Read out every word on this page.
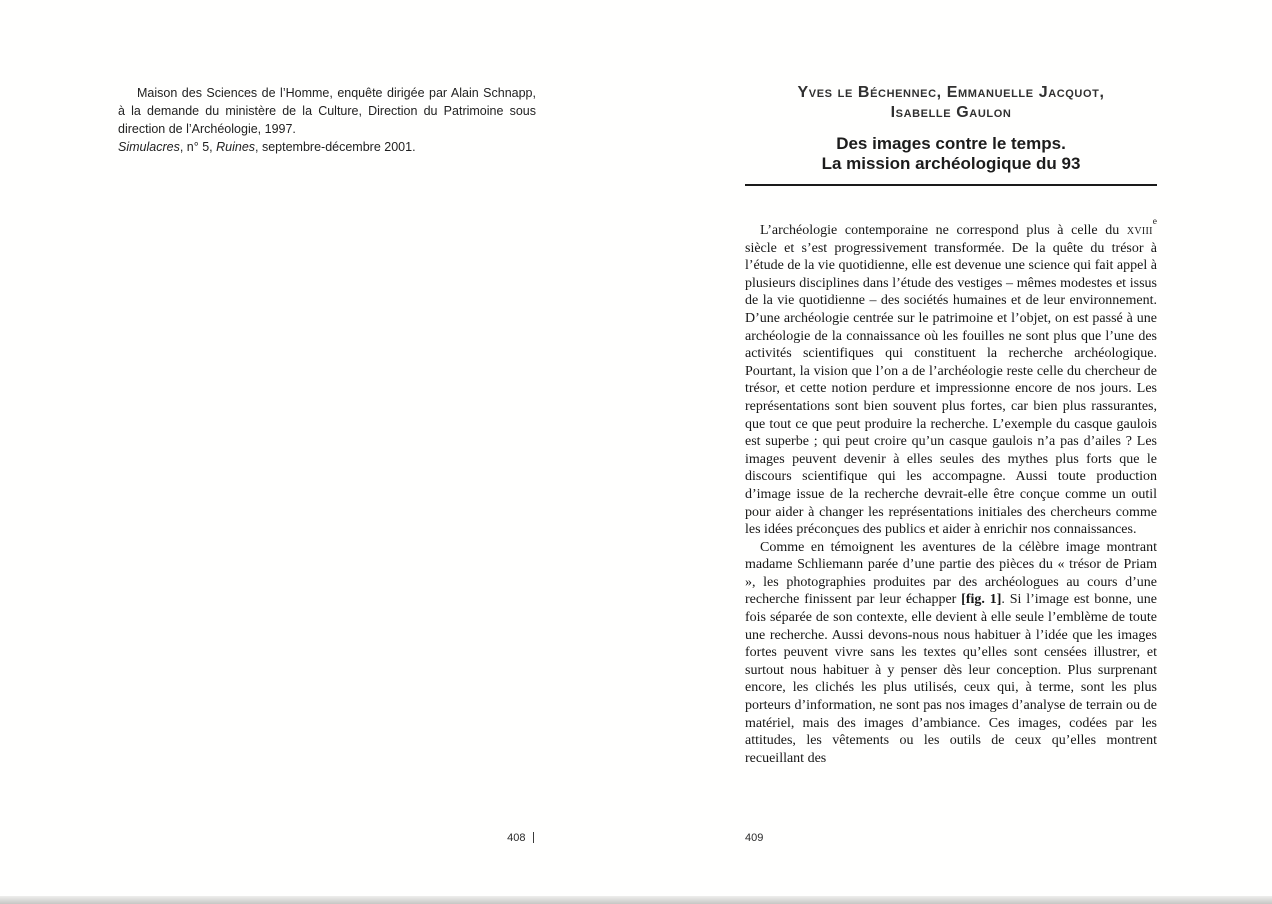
Maison des Sciences de l’Homme, enquête dirigée par Alain Schnapp, à la demande du ministère de la Culture, Direction du Patrimoine sous direction de l’Archéologie, 1997.

Simulacres, n° 5, Ruines, septembre-décembre 2001.

408
Yves le Béchennec, Emmanuelle Jacquot,
Isabelle Gaulon
Des images contre le temps.
La mission archéologique du 93

L’archéologie contemporaine ne correspond plus à celle du xviii$^e$ siècle et s’est progressivement transformée. De la quête du trésor à l’étude de la vie quotidienne, elle est devenue une science qui fait appel à plusieurs disciplines dans l’étude des vestiges – mêmes modestes et issus de la vie quotidienne – des sociétés humaines et de leur environnement. D’une archéologie centrée sur le patrimoine et l’objet, on est passé à une archéologie de la connaissance où les fouilles ne sont plus que l’une des activités scientifiques qui constituent la recherche archéologique. Pourtant, la vision que l’on a de l’archéologie reste celle du chercheur de trésor, et cette notion perdure et impressionne encore de nos jours. Les représentations sont bien souvent plus fortes, car bien plus rassurantes, que tout ce que peut produire la recherche. L’exemple du casque gaulois est superbe ; qui peut croire qu’un casque gaulois n’a pas d’ailes ? Les images peuvent devenir à elles seules des mythes plus forts que le discours scientifique qui les accompagne. Aussi toute production d’image issue de la recherche devrait-elle être conçue comme un outil pour aider à changer les représentations initiales des chercheurs comme les idées préconçues des publics et aider à enrichir nos connaissances.

Comme en témoignent les aventures de la célèbre image montrant madame Schliemann parée d’une partie des pièces du « trésor de Priam », les photographies produites par des archéologues au cours d’une recherche finissent par leur échapper [fig. 1]. Si l’image est bonne, une fois séparée de son contexte, elle devient à elle seule l’emblème de toute une recherche. Aussi devons-nous nous habituer à l’idée que les images fortes peuvent vivre sans les textes qu’elles sont censées illustrer, et surtout nous habituer à y penser dès leur conception. Plus surprenant encore, les clichés les plus utilisés, ceux qui, à terme, sont les plus porteurs d’information, ne sont pas nos images d’analyse de terrain ou de matériel, mais des images d’ambiance. Ces images, codées par les attitudes, les vêtements ou les outils de ceux qu’elles montrent recueillant des

409
